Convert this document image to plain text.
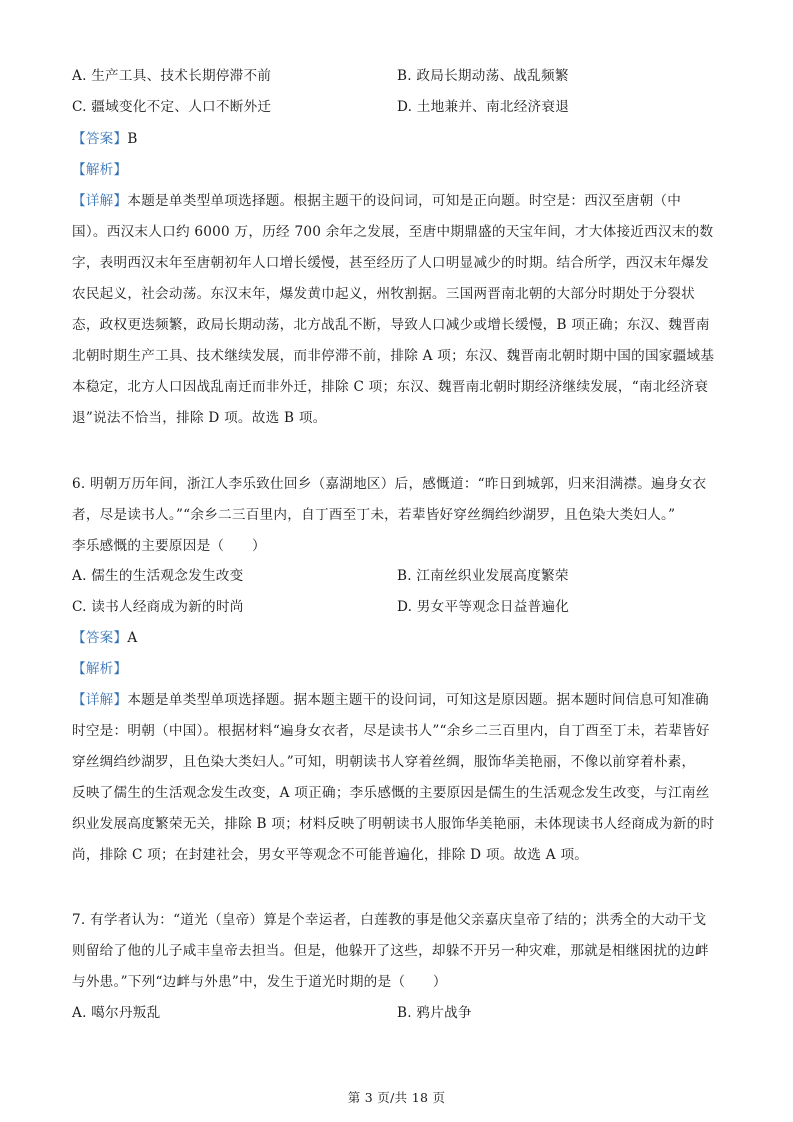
A. 生产工具、技术长期停滞不前	B. 政局长期动荡、战乱频繁
C. 疆域变化不定、人口不断外迁	D. 土地兼并、南北经济衰退
【答案】B
【解析】
【详解】本题是单类型单项选择题。根据主题干的设问词，可知是正向题。时空是：西汉至唐朝（中
国）。西汉末人口约 6000 万，历经 700 余年之发展，至唐中期鼎盛的天宝年间，才大体接近西汉末的数
字，表明西汉末年至唐朝初年人口增长缓慢，甚至经历了人口明显减少的时期。结合所学，西汉末年爆发
农民起义，社会动荡。东汉末年，爆发黄巾起义，州牧割据。三国两晋南北朝的大部分时期处于分裂状
态，政权更迭频繁，政局长期动荡，北方战乱不断，导致人口减少或增长缓慢，B 项正确；东汉、魏晋南
北朝时期生产工具、技术继续发展，而非停滞不前，排除 A 项；东汉、魏晋南北朝时期中国的国家疆域基
本稳定，北方人口因战乱南迁而非外迁，排除 C 项；东汉、魏晋南北朝时期经济继续发展，“南北经济衰
退”说法不恰当，排除 D 项。故选 B 项。
6. 明朝万历年间，浙江人李乐致仕回乡（嘉湖地区）后，感慨道：“昨日到城郭，归来泪满襟。遍身女衣
者，尽是读书人。”“余乡二三百里内，自丁酉至丁未，若辈皆好穿丝绸绉纱湖罗，且色染大类妇人。”
李乐感慨的主要原因是（　　）
A. 儒生的生活观念发生改变	B. 江南丝织业发展高度繁荣
C. 读书人经商成为新的时尚	D. 男女平等观念日益普遍化
【答案】A
【解析】
【详解】本题是单类型单项选择题。据本题主题干的设问词，可知这是原因题。据本题时间信息可知准确
时空是：明朝（中国）。根据材料“遍身女衣者，尽是读书人”“余乡二三百里内，自丁酉至丁未，若辈皆好
穿丝绸绉纱湖罗，且色染大类妇人。”可知，明朝读书人穿着丝绸，服饰华美艳丽，不像以前穿着朴素，
反映了儒生的生活观念发生改变，A 项正确；李乐感慨的主要原因是儒生的生活观念发生改变，与江南丝
织业发展高度繁荣无关，排除 B 项；材料反映了明朝读书人服饰华美艳丽，未体现读书人经商成为新的时
尚，排除 C 项；在封建社会，男女平等观念不可能普遍化，排除 D 项。故选 A 项。
7. 有学者认为：“道光（皇帝）算是个幸运者，白莲教的事是他父亲嘉庆皇帝了结的；洪秀全的大动干戈
则留给了他的儿子咸丰皇帝去担当。但是，他躲开了这些，却躲不开另一种灾难，那就是相继困扰的边衅
与外患。”下列“边衅与外患”中，发生于道光时期的是（　　）
A. 噶尔丹叛乱	B. 鸦片战争
第 3 页/共 18 页
